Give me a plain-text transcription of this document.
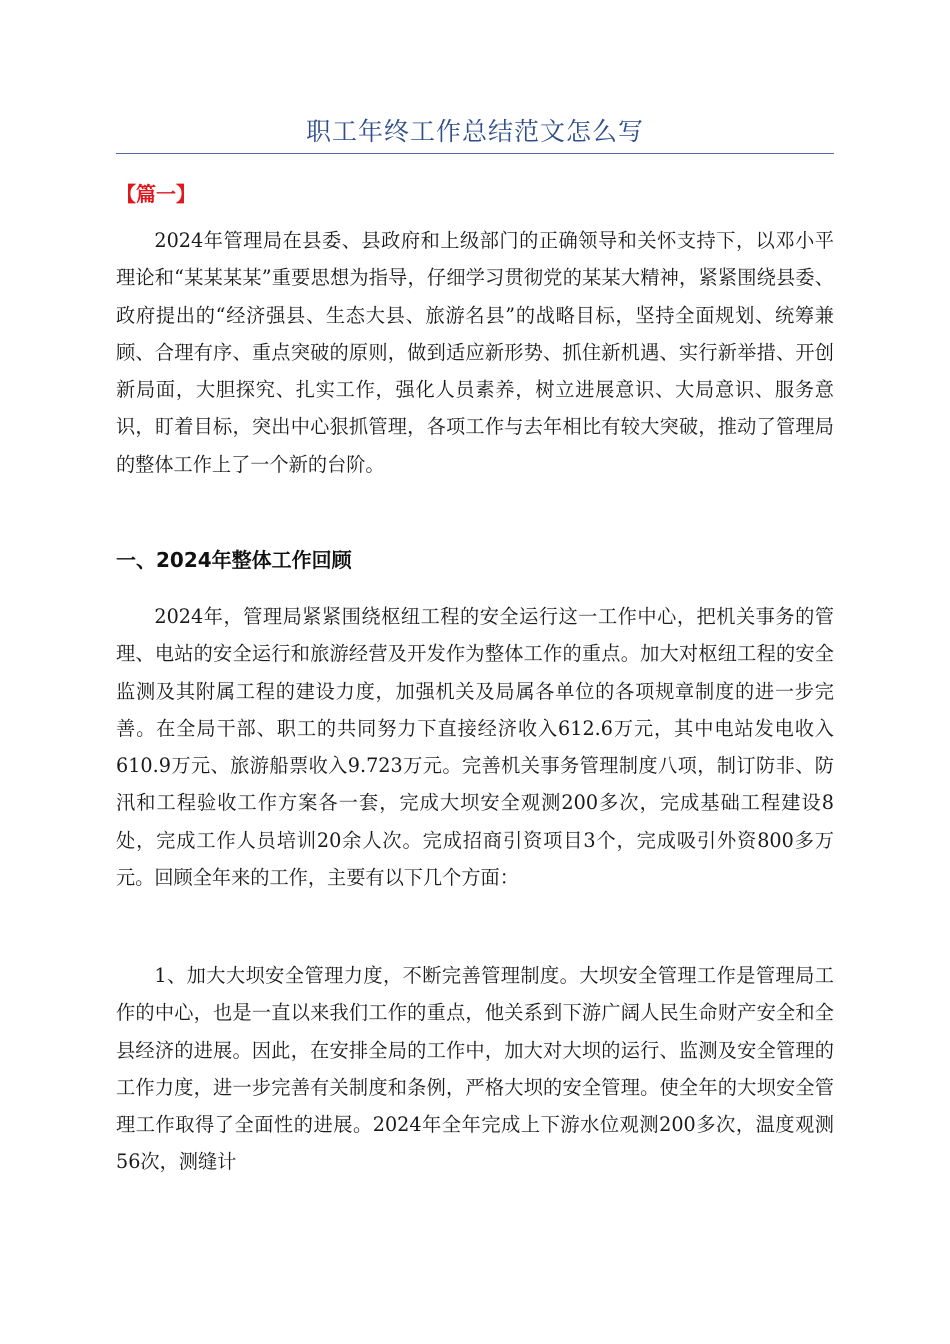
职工年终工作总结范文怎么写
【篇一】

2024年管理局在县委、县政府和上级部门的正确领导和关怀支持下，以邓小平理论和“某某某某”重要思想为指导，仔细学习贯彻党的某某大精神，紧紧围绕县委、政府提出的“经济强县、生态大县、旅游名县”的战略目标，坚持全面规划、统筹兼顾、合理有序、重点突破的原则，做到适应新形势、抓住新机遇、实行新举措、开创新局面，大胆探究、扎实工作，强化人员素养，树立进展意识、大局意识、服务意识，盯着目标，突出中心狠抓管理，各项工作与去年相比有较大突破，推动了管理局的整体工作上了一个新的台阶。

一、2024年整体工作回顾

2024年，管理局紧紧围绕枢纽工程的安全运行这一工作中心，把机关事务的管理、电站的安全运行和旅游经营及开发作为整体工作的重点。加大对枢纽工程的安全监测及其附属工程的建设力度，加强机关及局属各单位的各项规章制度的进一步完善。在全局干部、职工的共同努力下直接经济收入612.6万元，其中电站发电收入610.9万元、旅游船票收入9.723万元。完善机关事务管理制度八项，制订防非、防汛和工程验收工作方案各一套，完成大坝安全观测200多次，完成基础工程建设8处，完成工作人员培训20余人次。完成招商引资项目3个，完成吸引外资800多万元。回顾全年来的工作，主要有以下几个方面：

1、加大大坝安全管理力度，不断完善管理制度。大坝安全管理工作是管理局工作的中心，也是一直以来我们工作的重点，他关系到下游广阔人民生命财产安全和全县经济的进展。因此，在安排全局的工作中，加大对大坝的运行、监测及安全管理的工作力度，进一步完善有关制度和条例，严格大坝的安全管理。使全年的大坝安全管理工作取得了全面性的进展。2024年全年完成上下游水位观测200多次，温度观测56次，测缝计
